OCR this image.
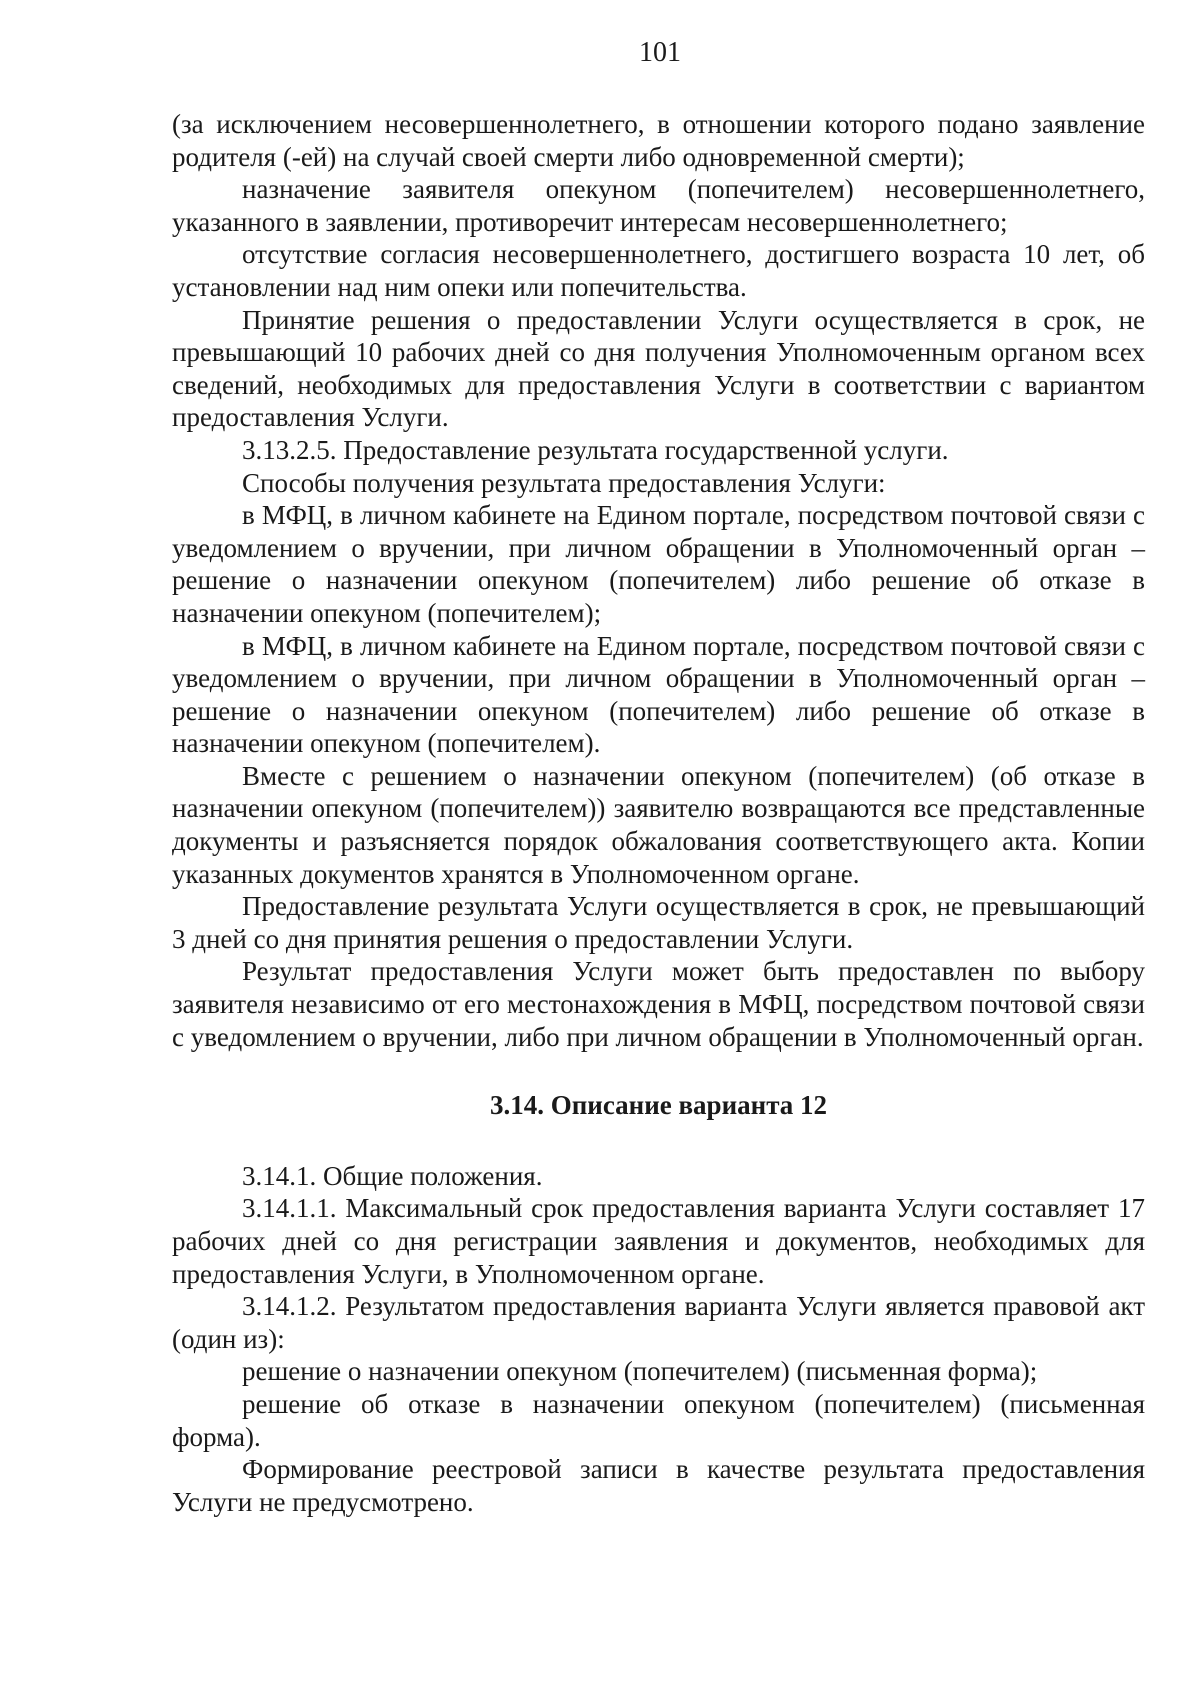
101

(за исключением несовершеннолетнего, в отношении которого подано заявление родителя (-ей) на случай своей смерти либо одновременной смерти);

назначение заявителя опекуном (попечителем) несовершеннолетнего, указанного в заявлении, противоречит интересам несовершеннолетнего;

отсутствие согласия несовершеннолетнего, достигшего возраста 10 лет, об установлении над ним опеки или попечительства.

Принятие решения о предоставлении Услуги осуществляется в срок, не превышающий 10 рабочих дней со дня получения Уполномоченным органом всех сведений, необходимых для предоставления Услуги в соответствии с вариантом предоставления Услуги.

3.13.2.5. Предоставление результата государственной услуги.

Способы получения результата предоставления Услуги:

в МФЦ, в личном кабинете на Едином портале, посредством почтовой связи с уведомлением о вручении, при личном обращении в Уполномоченный орган – решение о назначении опекуном (попечителем) либо решение об отказе в назначении опекуном (попечителем);

в МФЦ, в личном кабинете на Едином портале, посредством почтовой связи с уведомлением о вручении, при личном обращении в Уполномоченный орган – решение о назначении опекуном (попечителем) либо решение об отказе в назначении опекуном (попечителем).

Вместе с решением о назначении опекуном (попечителем) (об отказе в назначении опекуном (попечителем)) заявителю возвращаются все представленные документы и разъясняется порядок обжалования соответствующего акта. Копии указанных документов хранятся в Уполномоченном органе.

Предоставление результата Услуги осуществляется в срок, не превышающий 3 дней со дня принятия решения о предоставлении Услуги.

Результат предоставления Услуги может быть предоставлен по выбору заявителя независимо от его местонахождения в МФЦ, посредством почтовой связи с уведомлением о вручении, либо при личном обращении в Уполномоченный орган.

3.14. Описание варианта 12

3.14.1. Общие положения.

3.14.1.1. Максимальный срок предоставления варианта Услуги составляет 17 рабочих дней со дня регистрации заявления и документов, необходимых для предоставления Услуги, в Уполномоченном органе.

3.14.1.2. Результатом предоставления варианта Услуги является правовой акт (один из):

решение о назначении опекуном (попечителем) (письменная форма);

решение об отказе в назначении опекуном (попечителем) (письменная форма).

Формирование реестровой записи в качестве результата предоставления Услуги не предусмотрено.
